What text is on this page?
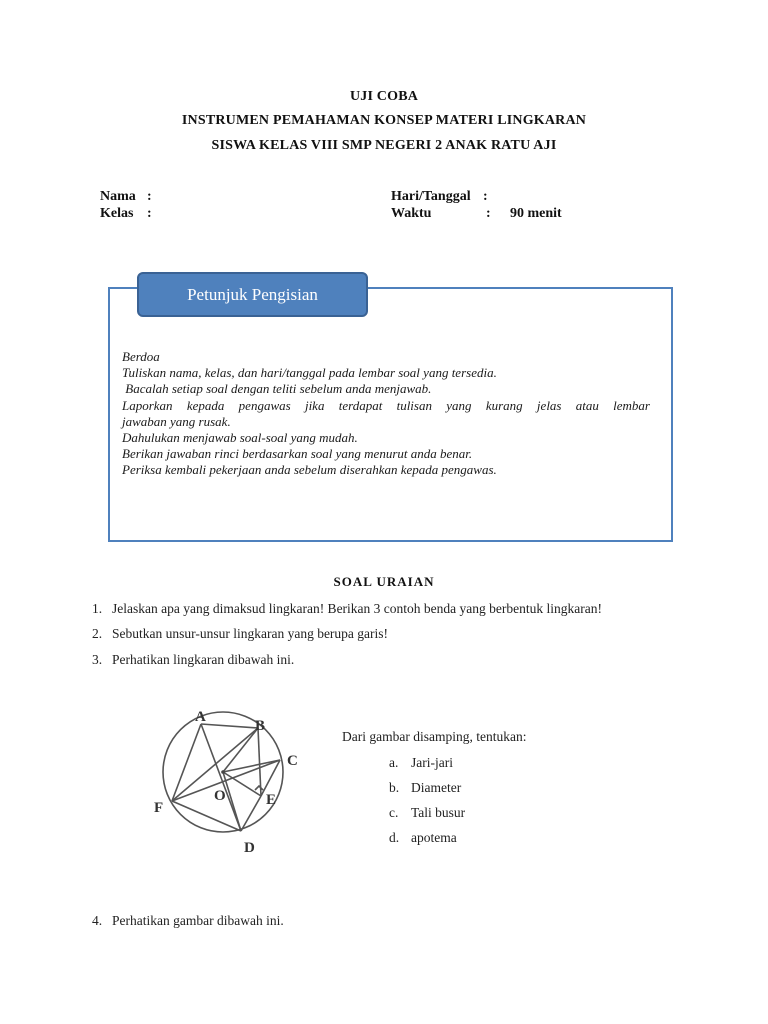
UJI COBA
INSTRUMEN PEMAHAMAN KONSEP MATERI LINGKARAN
SISWA KELAS VIII SMP NEGERI 2 ANAK RATU AJI
Nama :
Kelas :
Hari/Tanggal :
Waktu	: 90 menit
Petunjuk Pengisian
Berdoa
Tuliskan nama, kelas, dan hari/tanggal pada lembar soal yang tersedia.
Bacalah setiap soal dengan teliti sebelum anda menjawab.
Laporkan kepada pengawas jika terdapat tulisan yang kurang jelas atau lembar
jawaban yang rusak.
Dahulukan menjawab soal-soal yang mudah.
Berikan jawaban rinci berdasarkan soal yang menurut anda benar.
Periksa kembali pekerjaan anda sebelum diserahkan kepada pengawas.
SOAL URAIAN
1. Jelaskan apa yang dimaksud lingkaran! Berikan 3 contoh benda yang berbentuk lingkaran!
2. Sebutkan unsur-unsur lingkaran yang berupa garis!
3. Perhatikan lingkaran dibawah ini.
A
B
C
D
E
F
O
Dari gambar disamping, tentukan:
a. Jari-jari
b. Diameter
c. Tali busur
d. apotema
4. Perhatikan gambar dibawah ini.
